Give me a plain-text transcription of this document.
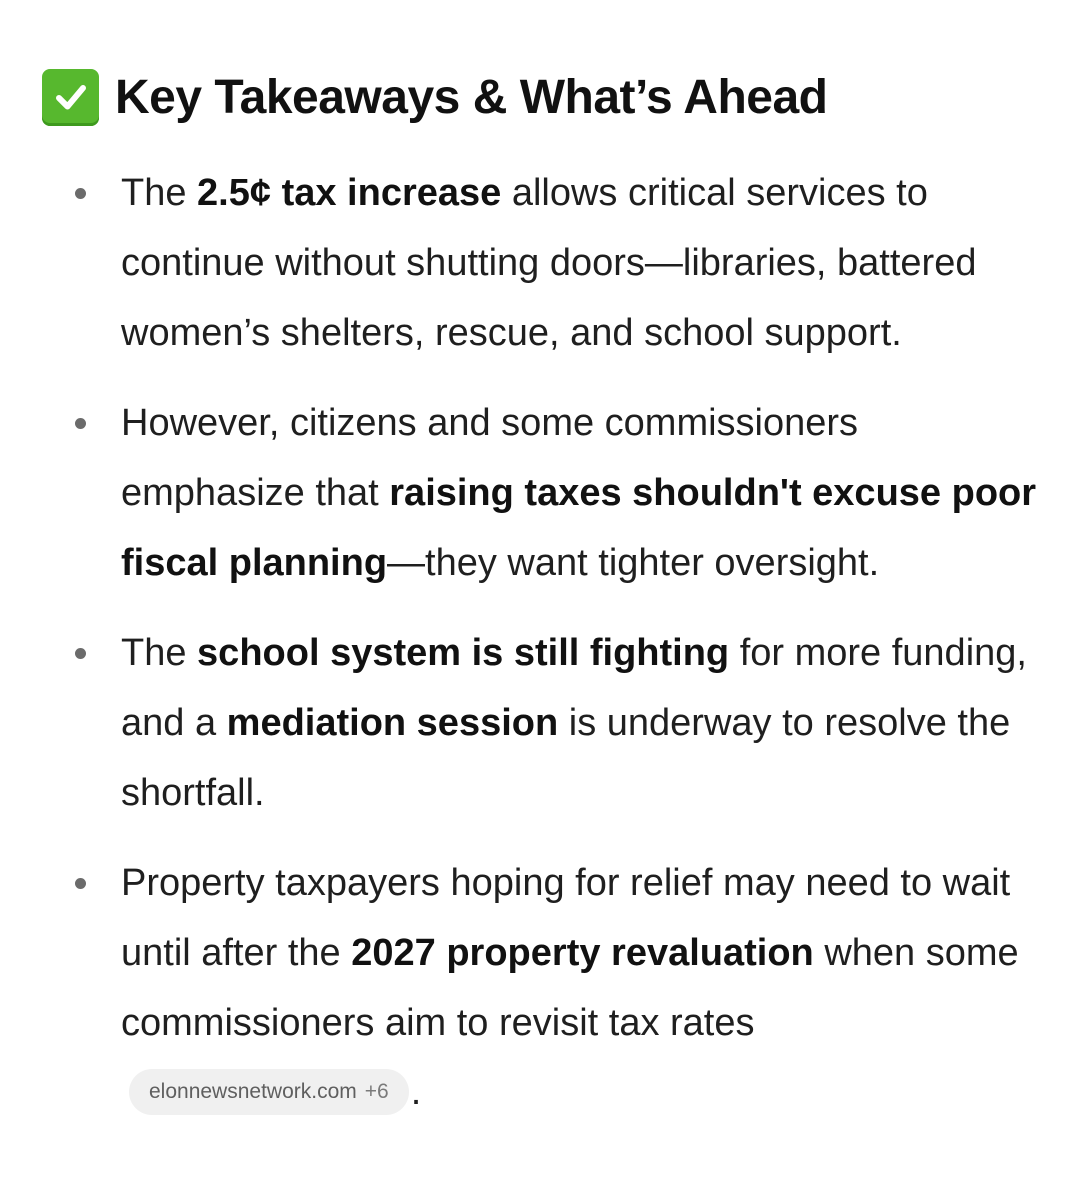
Key Takeaways & What’s Ahead
The 2.5¢ tax increase allows critical services to continue without shutting doors—libraries, battered women’s shelters, rescue, and school support.
However, citizens and some commissioners emphasize that raising taxes shouldn't excuse poor fiscal planning—they want tighter oversight.
The school system is still fighting for more funding, and a mediation session is underway to resolve the shortfall.
Property taxpayers hoping for relief may need to wait until after the 2027 property revaluation when some commissioners aim to revisit tax rates
elonnewsnetwork.com +6 .
